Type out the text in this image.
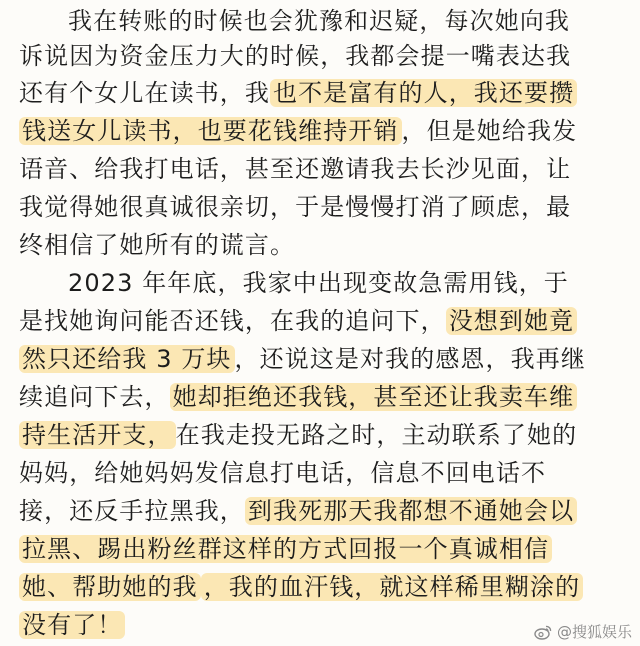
我在转账的时候也会犹豫和迟疑，每次她向我
诉说因为资金压力大的时候，我都会提一嘴表达我
还有个女儿在读书，我 也不是富有的人，我还要攒
钱送女儿读书，也要花钱维持开销 ，但是她给我发
语音、给我打电话，甚至还邀请我去长沙见面，让
我觉得她很真诚很亲切，于是慢慢打消了顾虑，最
终相信了她所有的谎言。
2023 年年底，我家中出现变故急需用钱，于
是找她询问能否还钱，在我的追问下， 没想到她竟
然只还给我 3 万块 ，还说这是对我的感恩，我再继
续追问下去， 她却拒绝还我钱，甚至还让我卖车维
持生活开支， 在我走投无路之时，主动联系了她的
妈妈，给她妈妈发信息打电话，信息不回电话不
接，还反手拉黑我， 到我死那天我都想不通她会以
拉黑、踢出粉丝群这样的方式回报一个真诚相信
她、帮助她的我 ，我的血汗钱，就这样稀里糊涂的
没有了！	@搜狐娱乐
